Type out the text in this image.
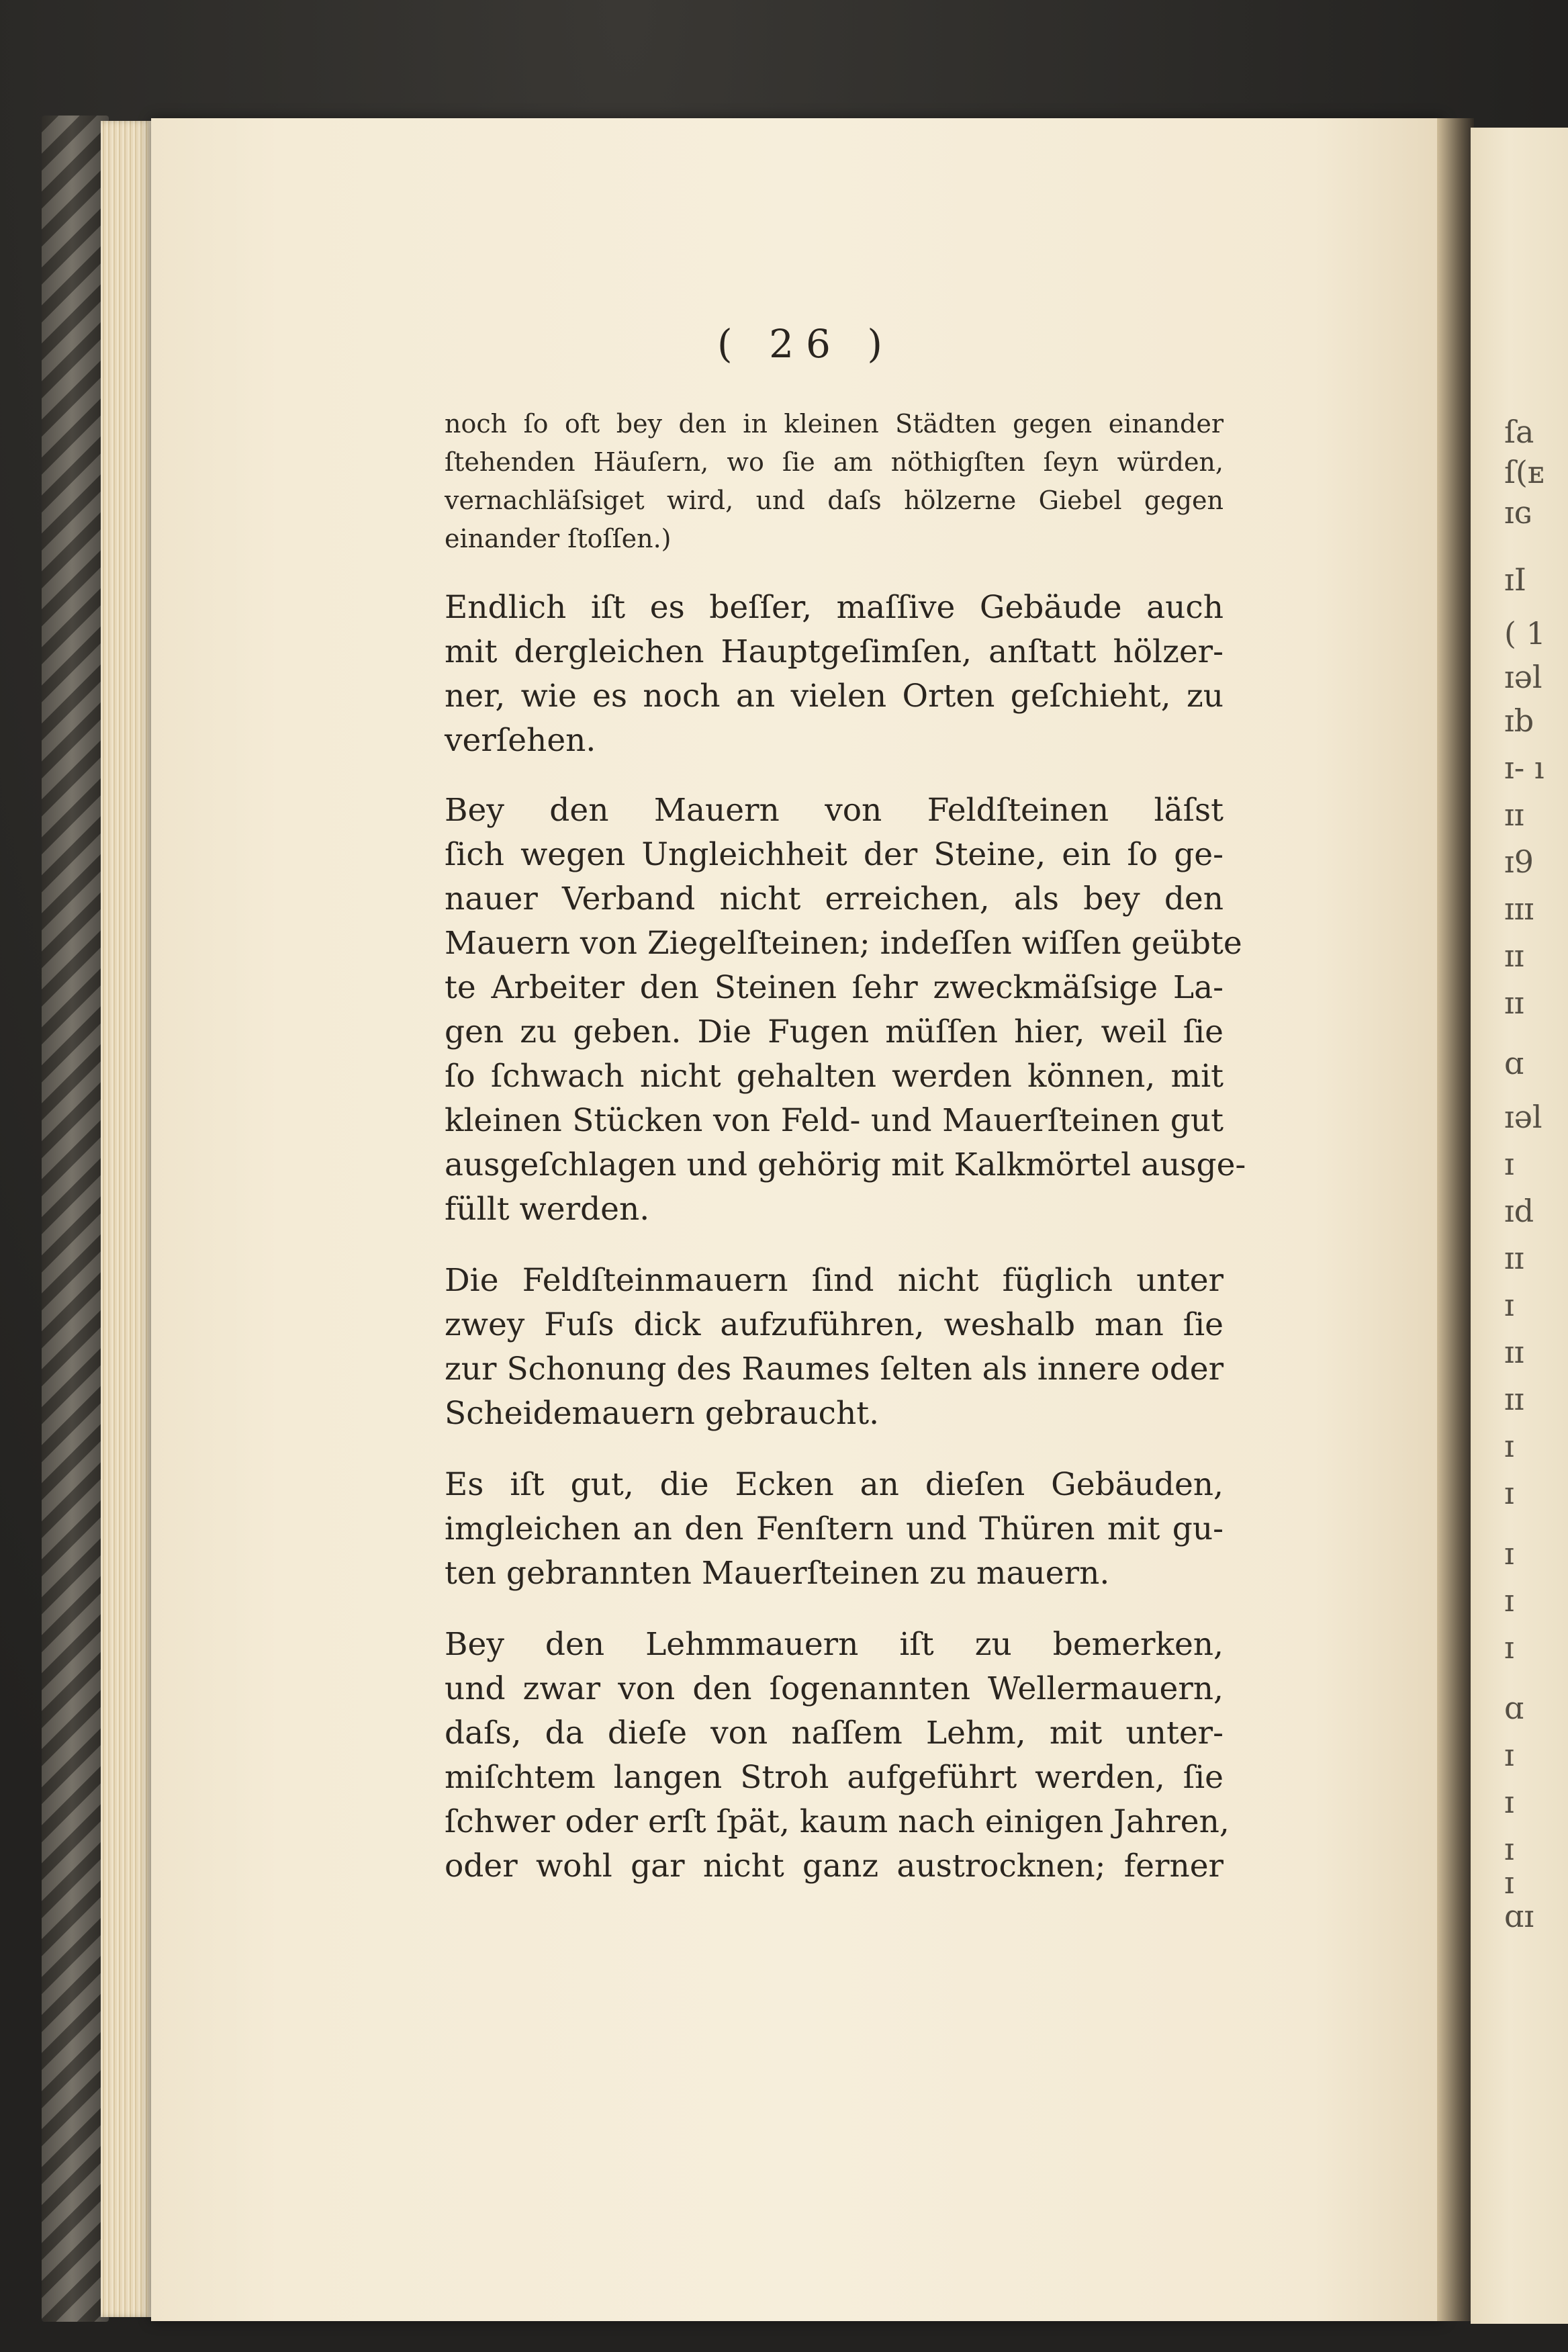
( 26 )
noch ſo oft bey den in kleinen Städten gegen einander
ſtehenden Häuſern, wo ſie am nöthigſten ſeyn würden,
vernachläſsiget wird, und daſs hölzerne Giebel gegen
einander ſtoſſen.)
Endlich iſt es beſſer, maſſive Gebäude auch
mit dergleichen Hauptgeſimſen, anſtatt hölzer-
ner, wie es noch an vielen Orten geſchieht, zu
verſehen.
Bey den Mauern von Feldſteinen läſst
ſich wegen Ungleichheit der Steine, ein ſo ge-
nauer Verband nicht erreichen, als bey den
Mauern von Ziegelſteinen; indeſſen wiſſen geübte
te Arbeiter den Steinen ſehr zweckmäſsige La-
gen zu geben. Die Fugen müſſen hier, weil ſie
ſo ſchwach nicht gehalten werden können, mit
kleinen Stücken von Feld- und Mauerſteinen gut
ausgeſchlagen und gehörig mit Kalkmörtel ausge-
füllt werden.
Die Feldſteinmauern ſind nicht füglich unter
zwey Fuſs dick aufzuführen, weshalb man ſie
zur Schonung des Raumes ſelten als innere oder
Scheidemauern gebraucht.
Es iſt gut, die Ecken an dieſen Gebäuden,
imgleichen an den Fenſtern und Thüren mit gu-
ten gebrannten Mauerſteinen zu mauern.
Bey den Lehmmauern iſt zu bemerken,
und zwar von den ſogenannten Wellermauern,
daſs, da dieſe von naſſem Lehm, mit unter-
miſchtem langen Stroh aufgeführt werden, ſie
ſchwer oder erſt ſpät, kaum nach einigen Jahren,
oder wohl gar nicht ganz austrocknen; ferner
ſa
ſ(ᴇ
ɪɢ
ɪI
( 1
ɪəl
ɪb
ɪ- ı
ɪɪ
ɪ9
ɪɪɪ
ɪɪ
ɪɪ
ɑ
ɪəl
ɪ
ɪd
ɪɪ
ɪ
ɪɪ
ɪɪ
ɪ
ɪ
ɪ
ɪ
ɪ
ɑ
ɪ
ɪ
ɪ
ɪ
ɑɪ
